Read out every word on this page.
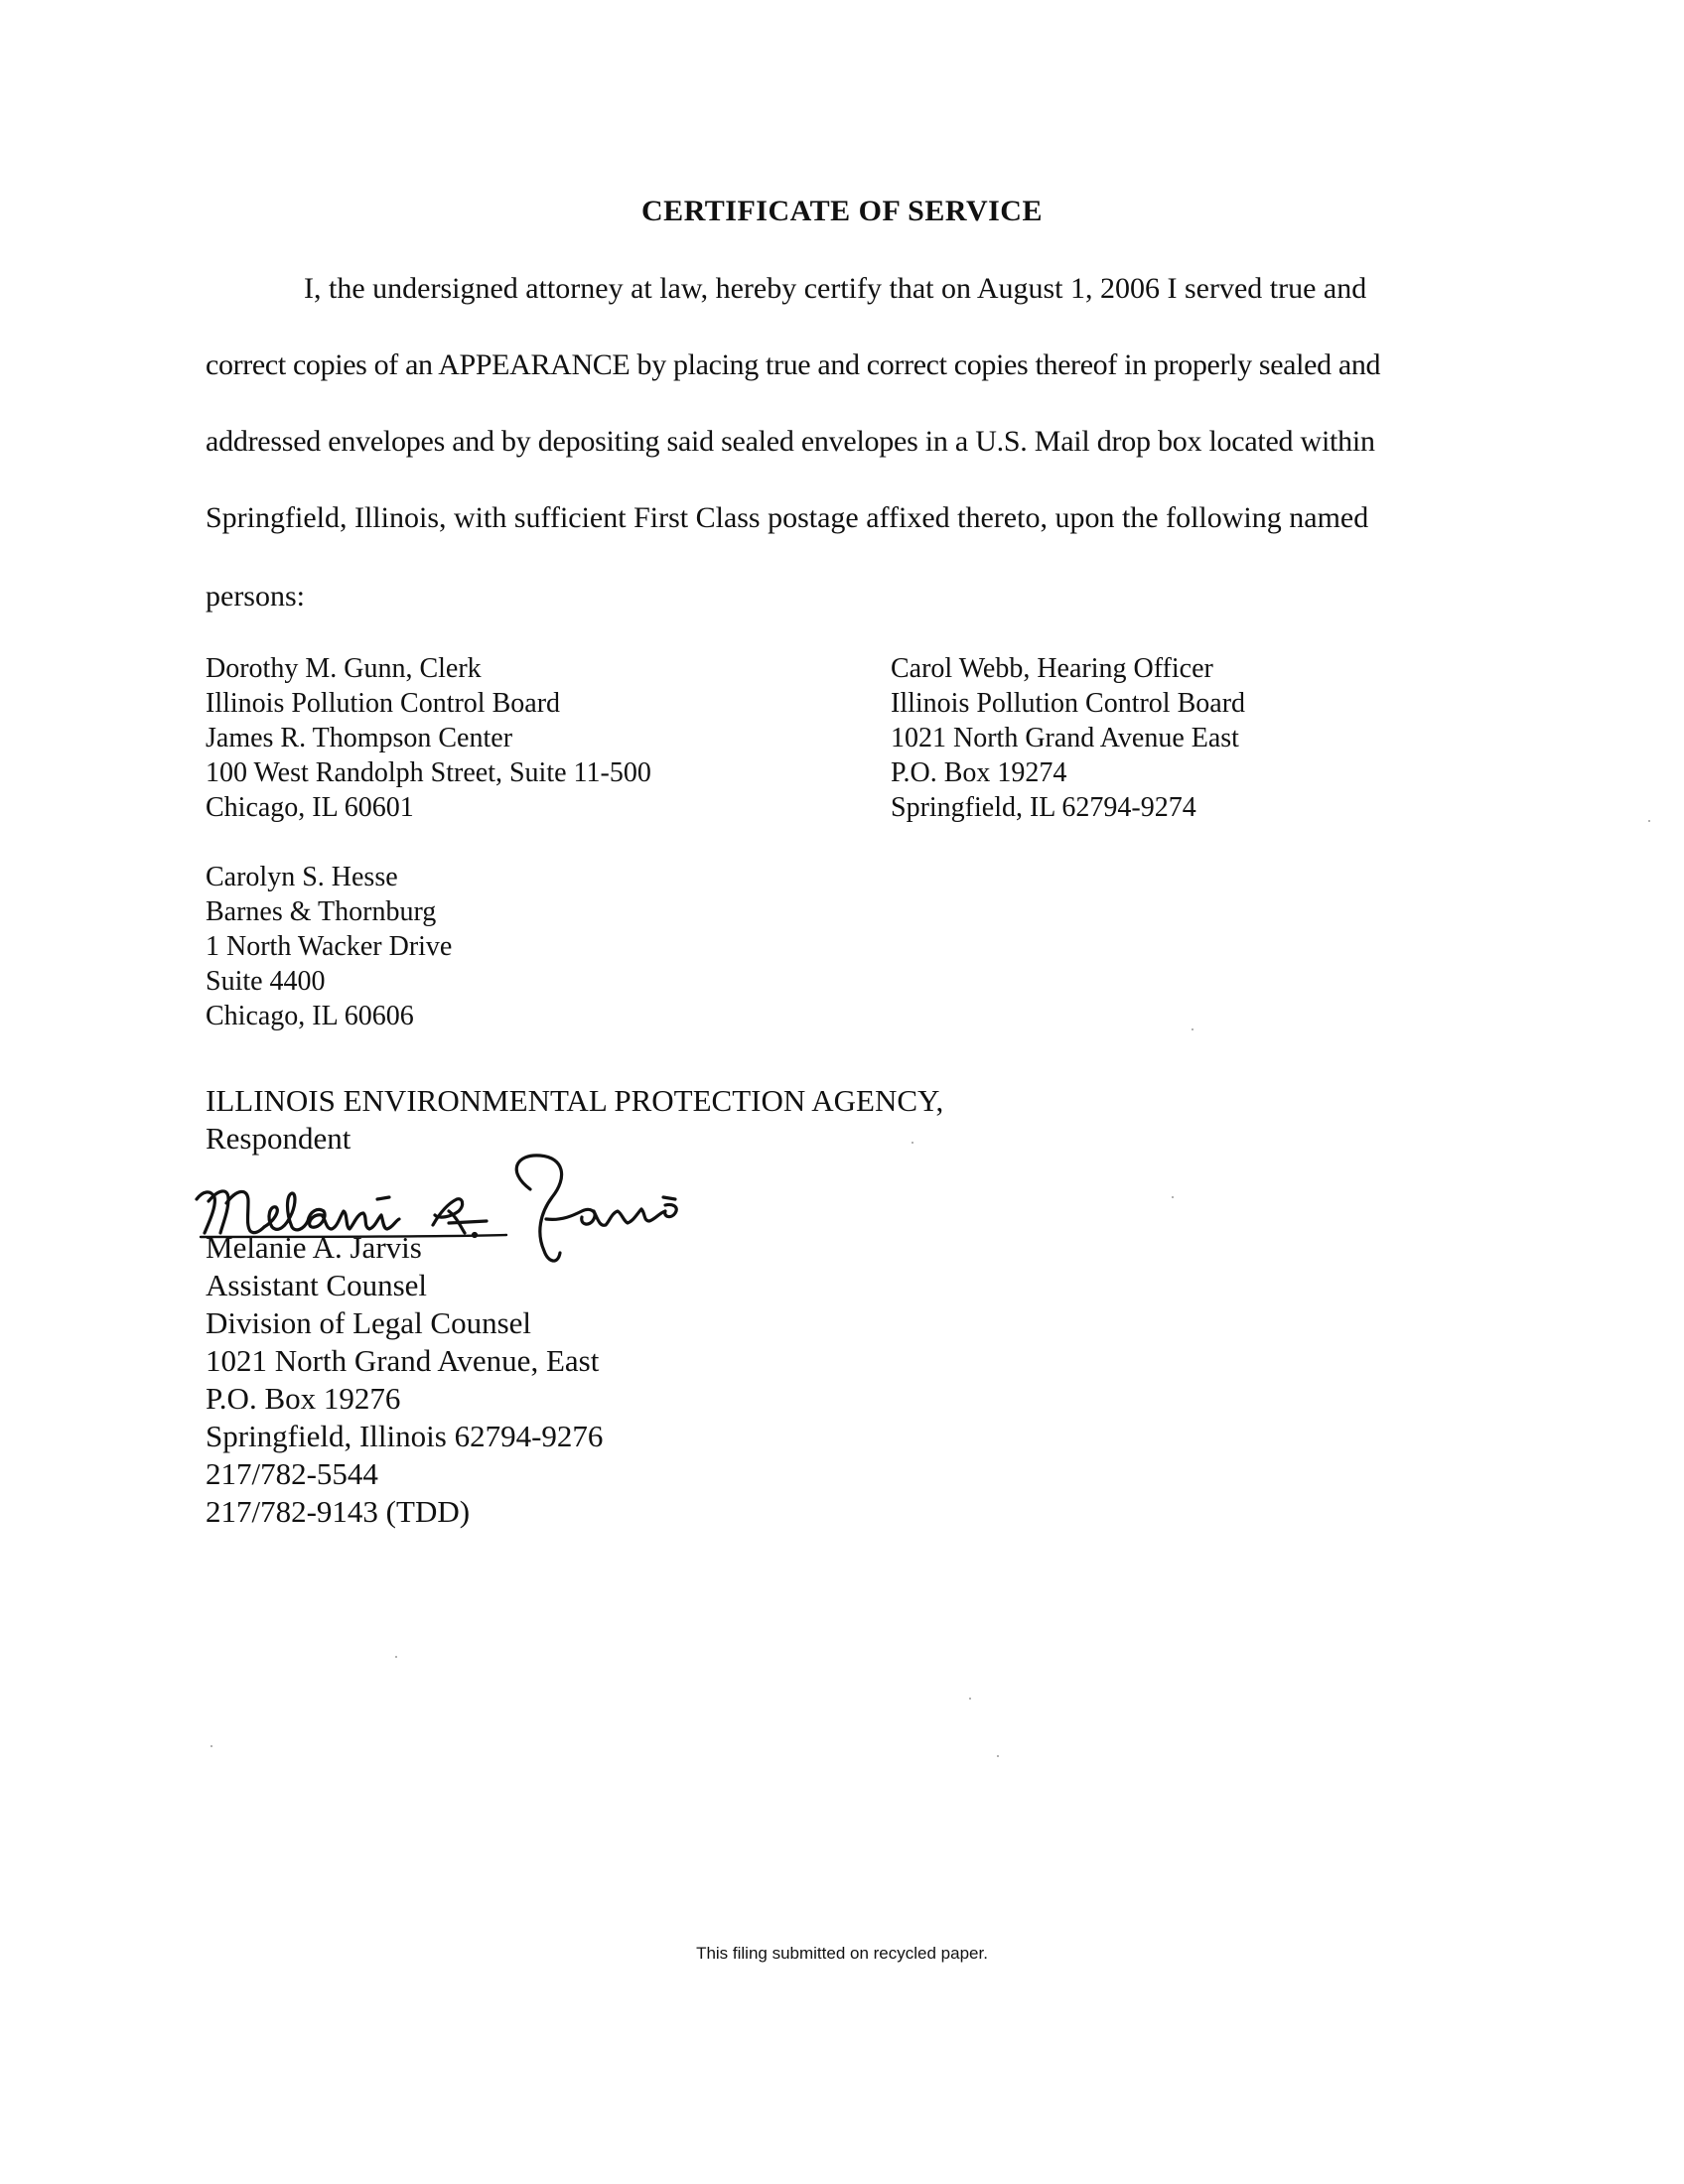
CERTIFICATE OF SERVICE
I, the undersigned attorney at law, hereby certify that on August 1, 2006 I served true and
correct copies of an APPEARANCE by placing true and correct copies thereof in properly sealed and
addressed envelopes and by depositing said sealed envelopes in a U.S. Mail drop box located within
Springfield, Illinois, with sufficient First Class postage affixed thereto, upon the following named
persons:
Dorothy M. Gunn, Clerk
Illinois Pollution Control Board
James R. Thompson Center
100 West Randolph Street, Suite 11-500
Chicago, IL 60601
Carol Webb, Hearing Officer
Illinois Pollution Control Board
1021 North Grand Avenue East
P.O. Box 19274
Springfield, IL 62794-9274
Carolyn S. Hesse
Barnes & Thornburg
1 North Wacker Drive
Suite 4400
Chicago, IL 60606
ILLINOIS ENVIRONMENTAL PROTECTION AGENCY,
Respondent
Melanie A. Jarvis
Assistant Counsel
Division of Legal Counsel
1021 North Grand Avenue, East
P.O. Box 19276
Springfield, Illinois 62794-9276
217/782-5544
217/782-9143 (TDD)
This filing submitted on recycled paper.
